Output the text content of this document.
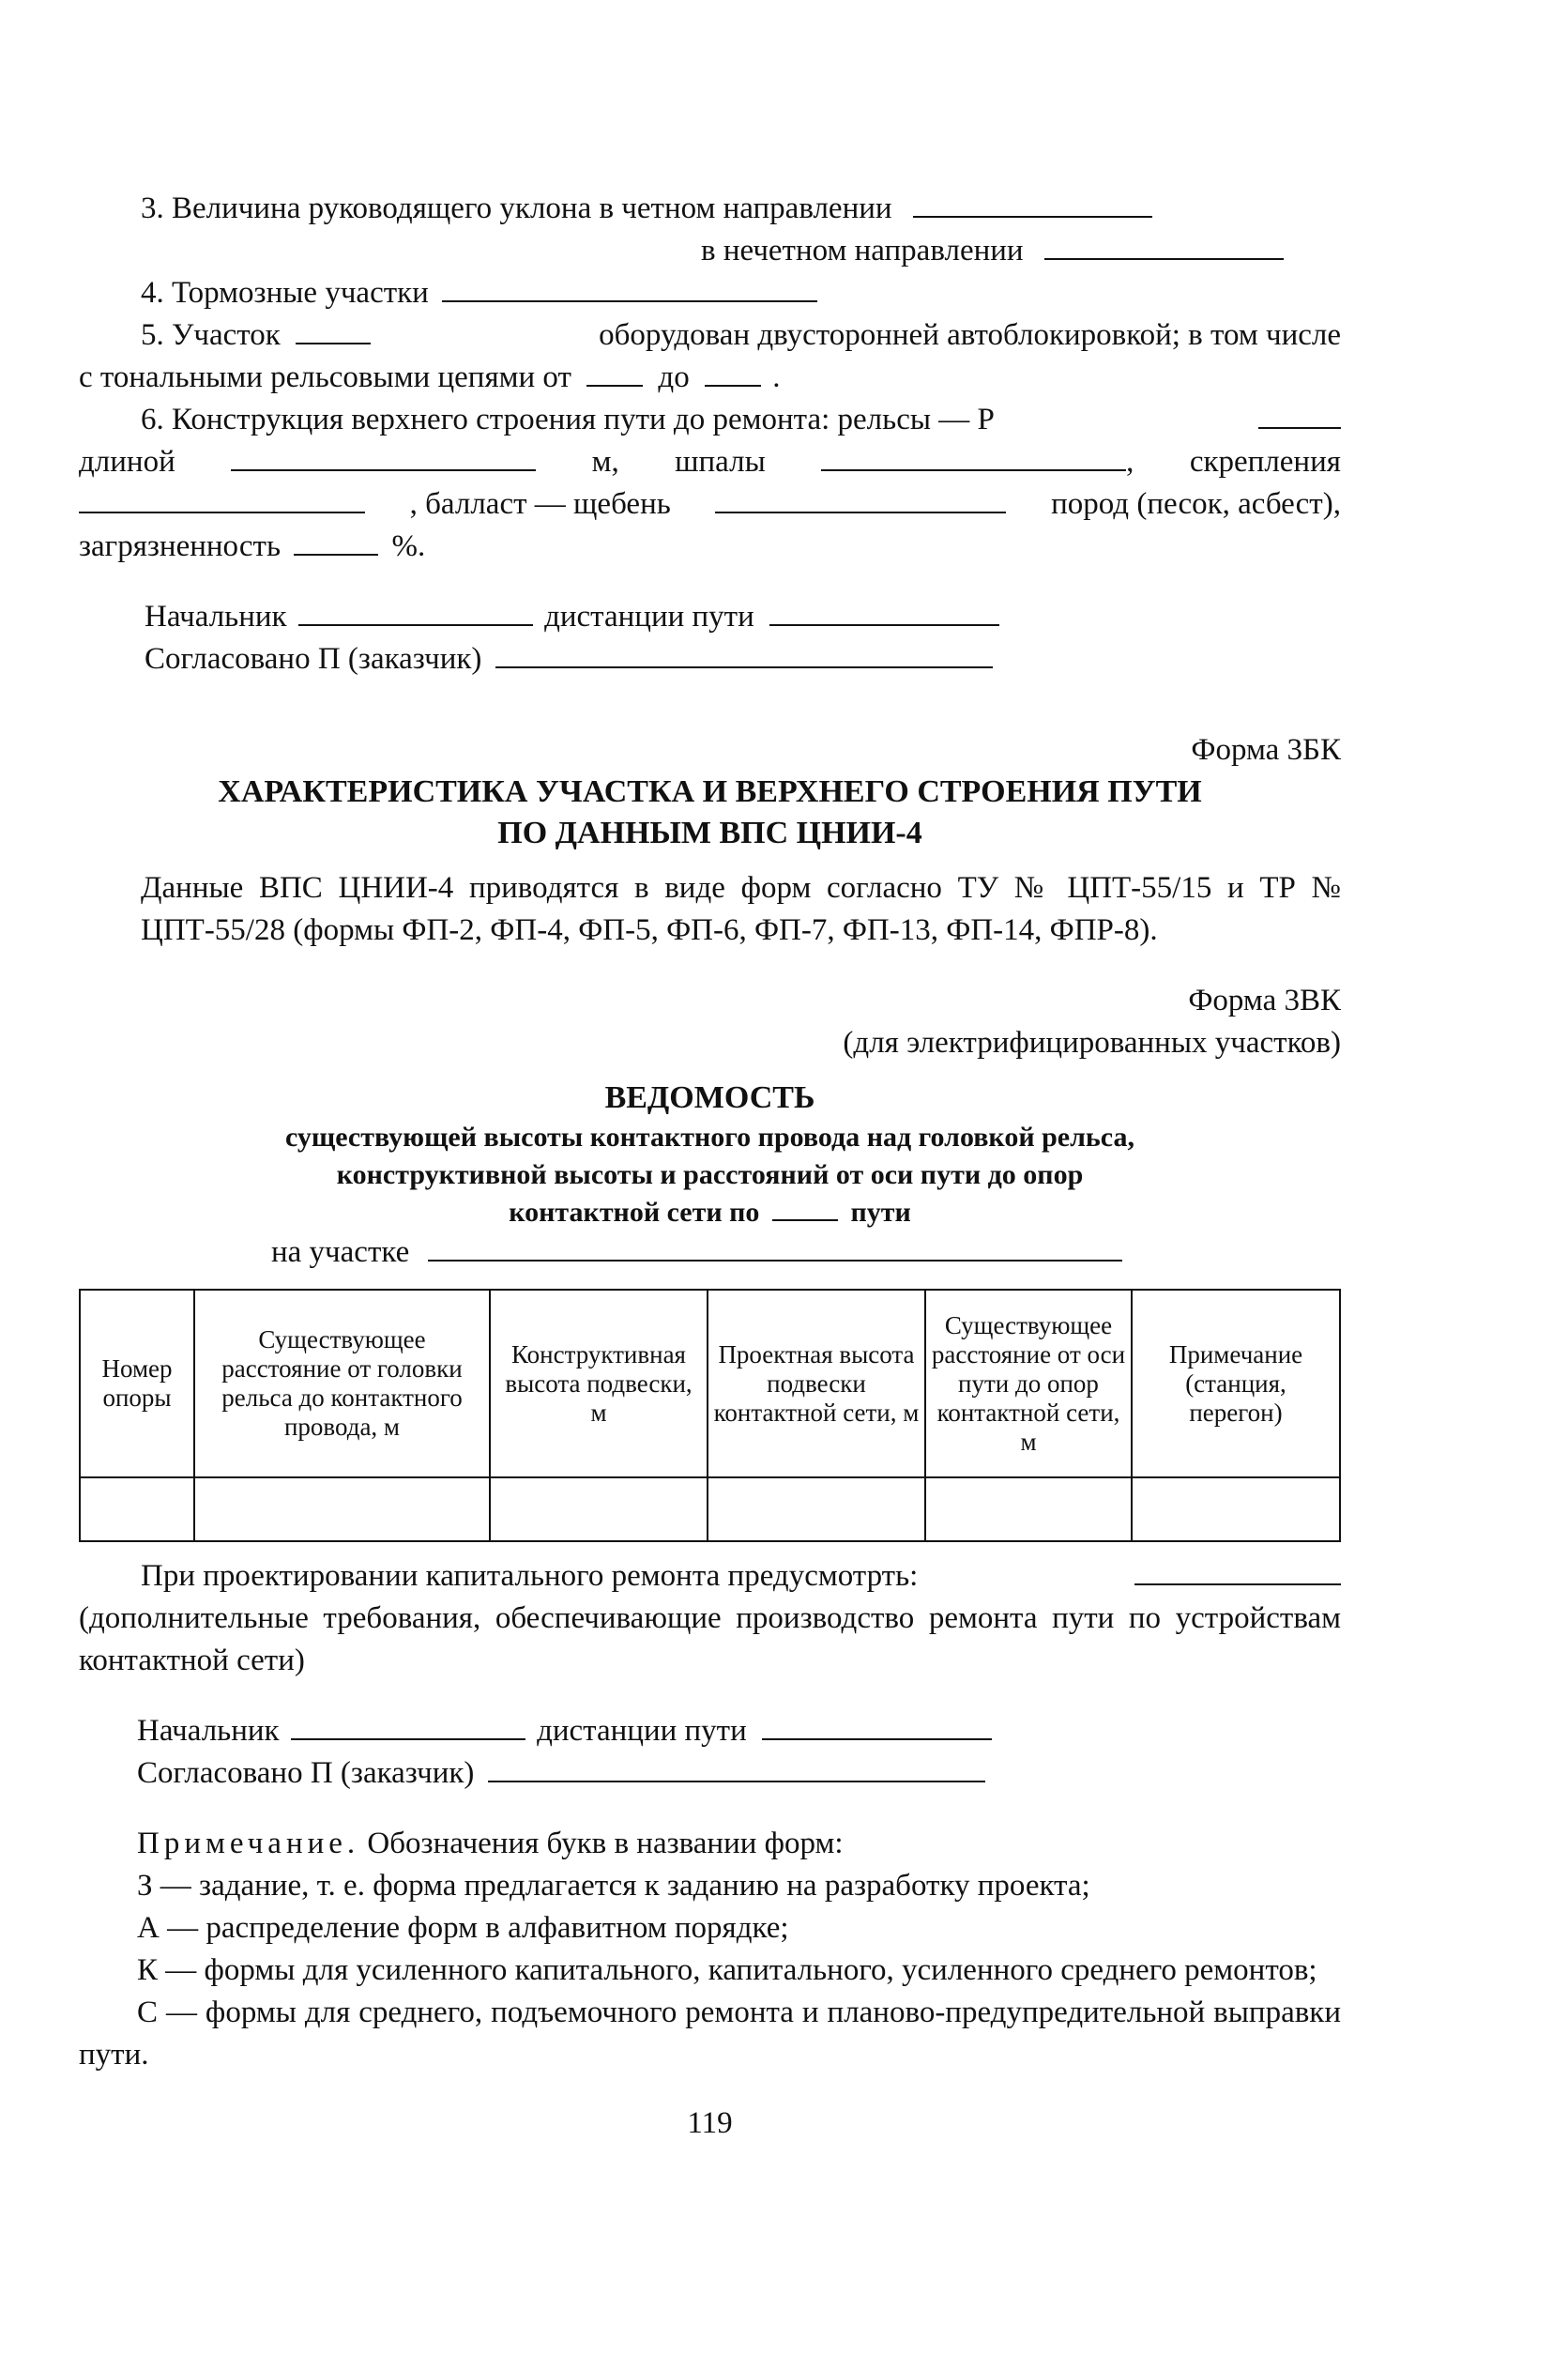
3. Величина руководящего уклона в четном направлении
в нечетном направлении
4. Тормозные участки
5. Участок	оборудован двусторонней автоблокировкой; в том числе
с тональными рельсовыми цепями от	до	.
6. Конструкция верхнего строения пути до ремонта: рельсы — Р
длиной	м, шпалы	, скрепления
, балласт — щебень	пород (песок, асбест),
загрязненность	%.
Начальник	дистанции пути
Согласовано П (заказчик)
Форма 3БК
ХАРАКТЕРИСТИКА УЧАСТКА И ВЕРХНЕГО СТРОЕНИЯ ПУТИ
ПО ДАННЫМ ВПС ЦНИИ-4
Данные ВПС ЦНИИ-4 приводятся в виде форм согласно ТУ № ЦПТ-55/15 и ТР № ЦПТ-55/28 (формы ФП-2, ФП-4, ФП-5, ФП-6, ФП-7, ФП-13, ФП-14, ФПР-8).
Форма 3ВК
(для электрифицированных участков)
ВЕДОМОСТЬ
существующей высоты контактного провода над головкой рельса,
конструктивной высоты и расстояний от оси пути до опор
контактной сети по	пути
на участке
Номер опоры	Существующее расстояние от головки рельса до контактного провода, м	Конструктивная высота подвески, м	Проектная высота подвески контактной сети, м	Существующее расстояние от оси пути до опор контактной сети, м	Примечание (станция, перегон)

При проектировании капитального ремонта предусмотрть:
(дополнительные требования, обеспечивающие производство ремонта пути по устройствам контактной сети)
Начальник	дистанции пути
Согласовано П (заказчик)
Примечание. Обозначения букв в названии форм:
З — задание, т. е. форма предлагается к заданию на разработку проекта;
А — распределение форм в алфавитном порядке;
К — формы для усиленного капитального, капитального, усиленного среднего ремонтов;
С — формы для среднего, подъемочного ремонта и планово-предупредительной выправки пути.
119
